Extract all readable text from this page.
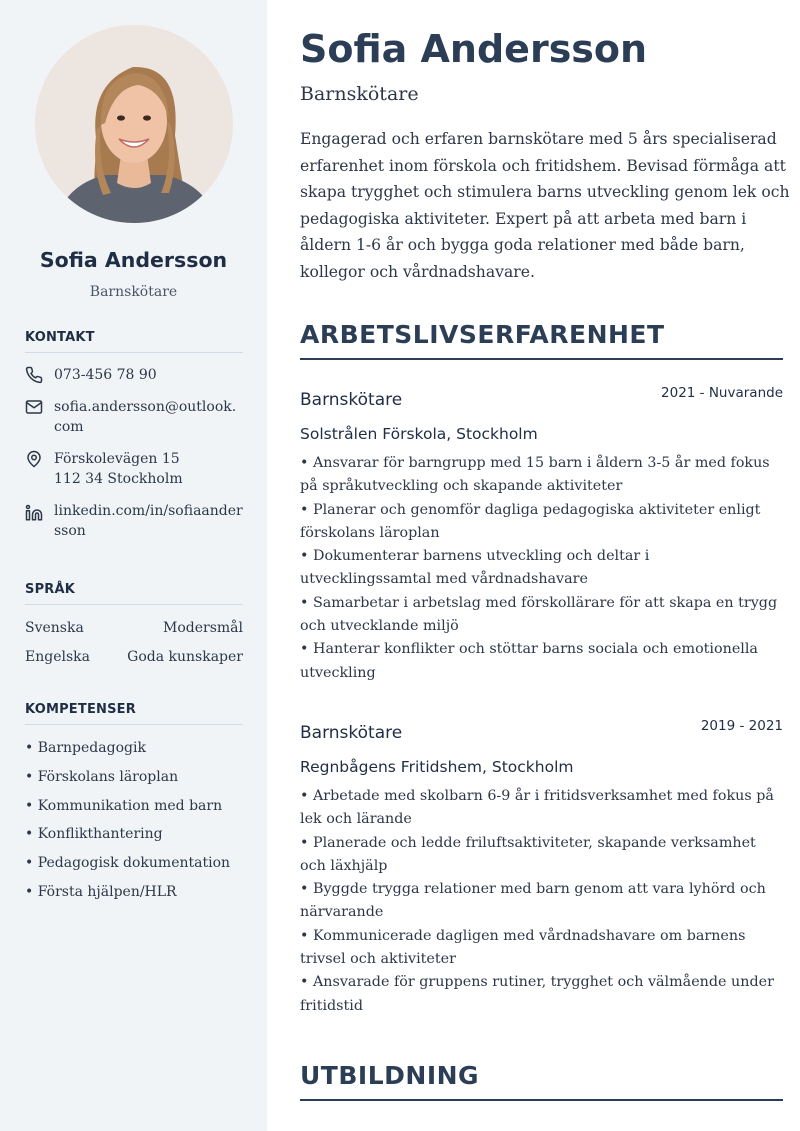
Sofia Andersson
Barnskötare
KONTAKT
073-456 78 90
sofia.andersson@outlook.com
Förskolevägen 15
112 34 Stockholm
linkedin.com/in/sofiaandersson
SPRÅK
Svenska	Modersmål
Engelska	Goda kunskaper
KOMPETENSER
• Barnpedagogik
• Förskolans läroplan
• Kommunikation med barn
• Konflikthantering
• Pedagogisk dokumentation
• Första hjälpen/HLR
Sofia Andersson
Barnskötare
Engagerad och erfaren barnskötare med 5 års specialiserad erfarenhet inom förskola och fritidshem. Bevisad förmåga att skapa trygghet och stimulera barns utveckling genom lek och pedagogiska aktiviteter. Expert på att arbeta med barn i åldern 1-6 år och bygga goda relationer med både barn, kollegor och vårdnadshavare.
ARBETSLIVSERFARENHET
Barnskötare	2021 - Nuvarande
Solstrålen Förskola, Stockholm
• Ansvarar för barngrupp med 15 barn i åldern 3-5 år med fokus på språkutveckling och skapande aktiviteter
• Planerar och genomför dagliga pedagogiska aktiviteter enligt förskolans läroplan
• Dokumenterar barnens utveckling och deltar i utvecklingssamtal med vårdnadshavare
• Samarbetar i arbetslag med förskollärare för att skapa en trygg och utvecklande miljö
• Hanterar konflikter och stöttar barns sociala och emotionella utveckling
Barnskötare	2019 - 2021
Regnbågens Fritidshem, Stockholm
• Arbetade med skolbarn 6-9 år i fritidsverksamhet med fokus på lek och lärande
• Planerade och ledde friluftsaktiviteter, skapande verksamhet och läxhjälp
• Byggde trygga relationer med barn genom att vara lyhörd och närvarande
• Kommunicerade dagligen med vårdnadshavare om barnens trivsel och aktiviteter
• Ansvarade för gruppens rutiner, trygghet och välmående under fritidstid
UTBILDNING
